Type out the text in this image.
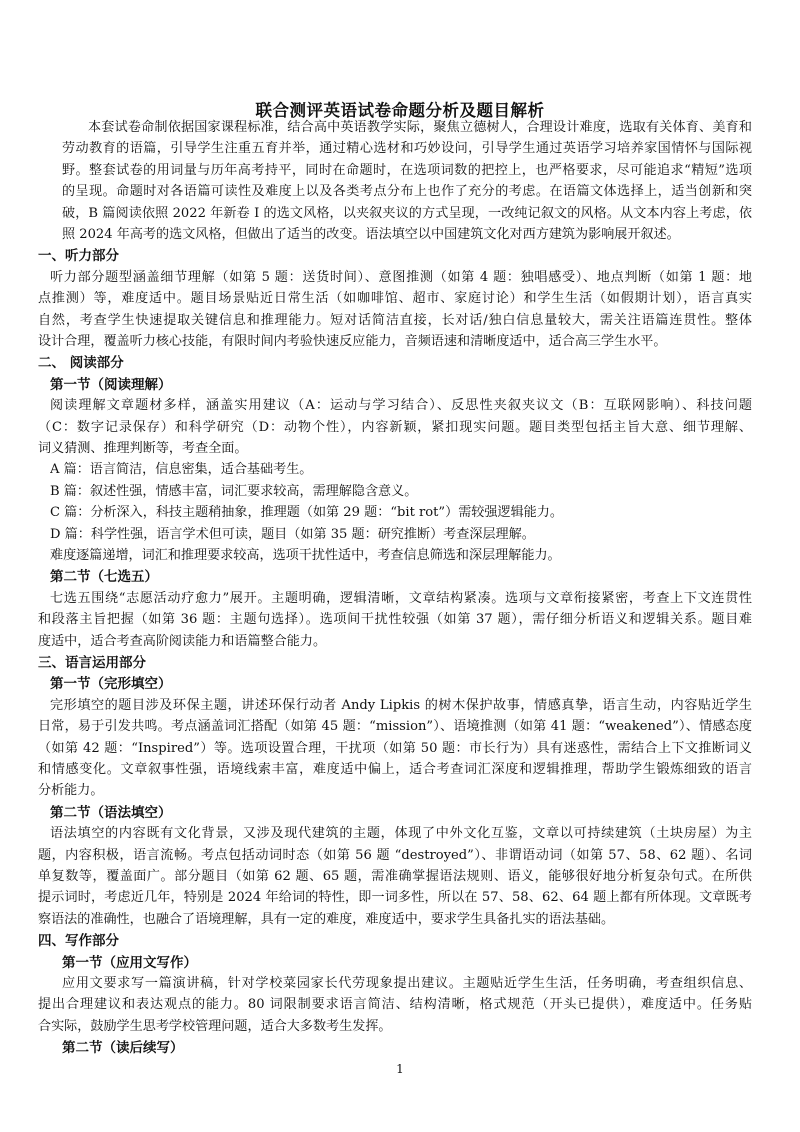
联合测评英语试卷命题分析及题目解析
本套试卷命制依据国家课程标准，结合高中英语教学实际，聚焦立德树人，合理设计难度，选取有关体育、美育和
劳动教育的语篇，引导学生注重五育并举，通过精心选材和巧妙设问，引导学生通过英语学习培养家国情怀与国际视
野。整套试卷的用词量与历年高考持平，同时在命题时，在选项词数的把控上，也严格要求，尽可能追求“精短”选项
的呈现。命题时对各语篇可读性及难度上以及各类考点分布上也作了充分的考虑。在语篇文体选择上，适当创新和突
破，B 篇阅读依照 2022 年新卷 I 的选文风格，以夹叙夹议的方式呈现，一改纯记叙文的风格。从文本内容上考虑，依
照 2024 年高考的选文风格，但做出了适当的改变。语法填空以中国建筑文化对西方建筑为影响展开叙述。
一、听力部分
听力部分题型涵盖细节理解（如第 5 题：送货时间）、意图推测（如第 4 题：独唱感受）、地点判断（如第 1 题：地
点推测）等，难度适中。题目场景贴近日常生活（如咖啡馆、超市、家庭讨论）和学生生活（如假期计划），语言真实
自然，考查学生快速提取关键信息和推理能力。短对话简洁直接，长对话/独白信息量较大，需关注语篇连贯性。整体
设计合理，覆盖听力核心技能，有限时间内考验快速反应能力，音频语速和清晰度适中，适合高三学生水平。
二、 阅读部分
第一节（阅读理解）
阅读理解文章题材多样，涵盖实用建议（A：运动与学习结合）、反思性夹叙夹议文（B：互联网影响）、科技问题
（C：数字记录保存）和科学研究（D：动物个性），内容新颖，紧扣现实问题。题目类型包括主旨大意、细节理解、
词义猜测、推理判断等，考查全面。
A 篇：语言简洁，信息密集，适合基础考生。
B 篇：叙述性强，情感丰富，词汇要求较高，需理解隐含意义。
C 篇：分析深入，科技主题稍抽象，推理题（如第 29 题：“bit rot”）需较强逻辑能力。
D 篇：科学性强，语言学术但可读，题目（如第 35 题：研究推断）考查深层理解。
难度逐篇递增，词汇和推理要求较高，选项干扰性适中，考查信息筛选和深层理解能力。
第二节（七选五）
七选五围绕“志愿活动疗愈力”展开。主题明确，逻辑清晰，文章结构紧凑。选项与文章衔接紧密，考查上下文连贯性
和段落主旨把握（如第 36 题：主题句选择）。选项间干扰性较强（如第 37 题），需仔细分析语义和逻辑关系。题目难
度适中，适合考查高阶阅读能力和语篇整合能力。
三、语言运用部分
第一节（完形填空）
完形填空的题目涉及环保主题，讲述环保行动者 Andy Lipkis 的树木保护故事，情感真挚，语言生动，内容贴近学生
日常，易于引发共鸣。考点涵盖词汇搭配（如第 45 题：“mission”）、语境推测（如第 41 题：“weakened”）、情感态度
（如第 42 题：“Inspired”）等。选项设置合理，干扰项（如第 50 题：市长行为）具有迷惑性，需结合上下文推断词义
和情感变化。文章叙事性强，语境线索丰富，难度适中偏上，适合考查词汇深度和逻辑推理，帮助学生锻炼细致的语言
分析能力。
第二节（语法填空）
语法填空的内容既有文化背景，又涉及现代建筑的主题，体现了中外文化互鉴，文章以可持续建筑（土块房屋）为主
题，内容积极，语言流畅。考点包括动词时态（如第 56 题 “destroyed”）、非谓语动词（如第 57、58、62 题）、名词
单复数等，覆盖面广。部分题目（如第 62 题、65 题，需准确掌握语法规则、语义，能够很好地分析复杂句式。在所供
提示词时，考虑近几年，特别是 2024 年给词的特性，即一词多性，所以在 57、58、62、64 题上都有所体现。文章既考
察语法的准确性，也融合了语境理解，具有一定的难度，难度适中，要求学生具备扎实的语法基础。
四、写作部分
第一节（应用文写作）
应用文要求写一篇演讲稿，针对学校菜园家长代劳现象提出建议。主题贴近学生生活，任务明确，考查组织信息、
提出合理建议和表达观点的能力。80 词限制要求语言简洁、结构清晰，格式规范（开头已提供），难度适中。任务贴
合实际，鼓励学生思考学校管理问题，适合大多数考生发挥。
第二节（读后续写）
1
